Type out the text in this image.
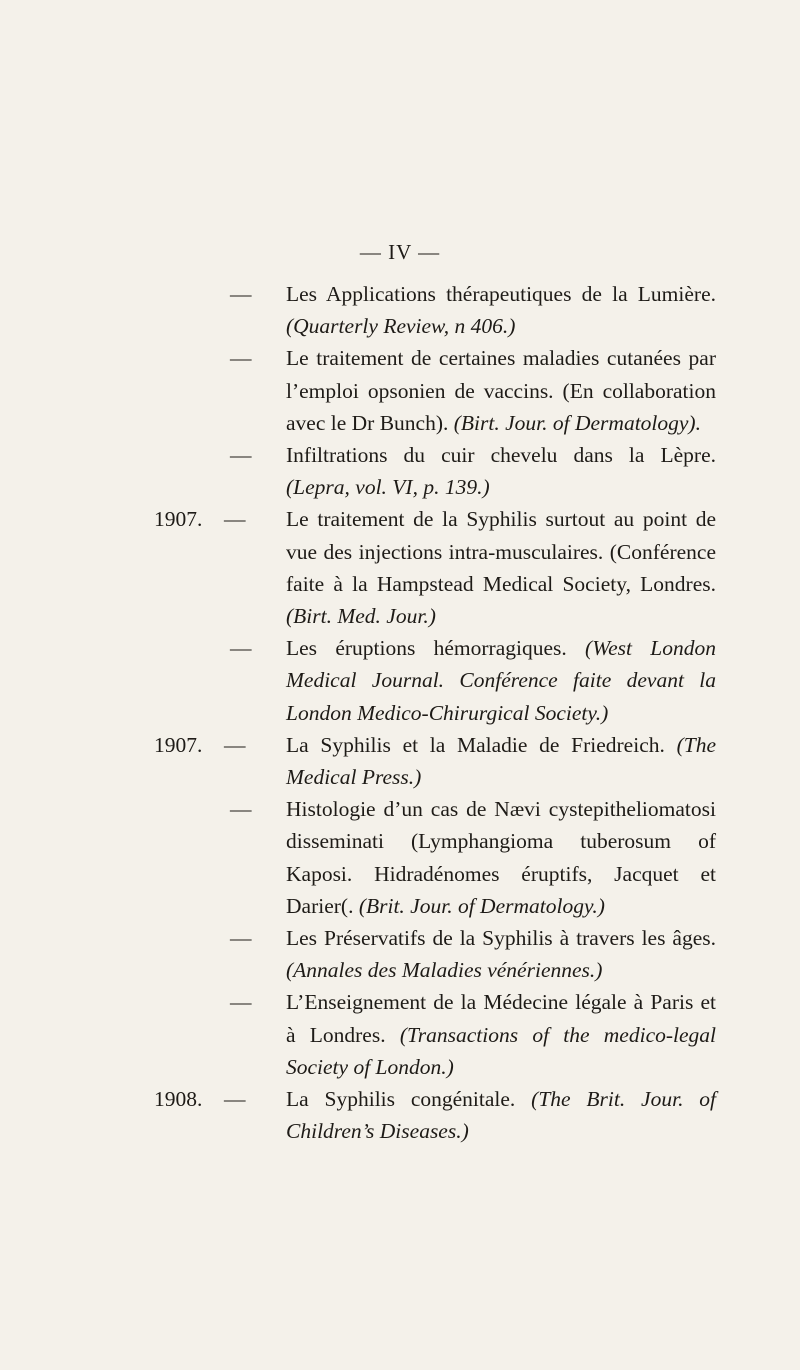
— IV —
—	Les Applications thérapeutiques de la Lumière. (Quarterly Review, n 406.)
—	Le traitement de certaines maladies cutanées par l’emploi opsonien de vaccins. (En collaboration avec le Dr Bunch). (Birt. Jour. of Dermatology).
—	Infiltrations du cuir chevelu dans la Lèpre. (Lepra, vol. VI, p. 139.)
1907. —	Le traitement de la Syphilis surtout au point de vue des injections intra-musculaires. (Conférence faite à la Hampstead Medical Society, Londres. (Birt. Med. Jour.)
—	Les éruptions hémorragiques. (West London Medical Journal. Conférence faite devant la London Medico-Chirurgical Society.)
1907. —	La Syphilis et la Maladie de Friedreich. (The Medical Press.)
—	Histologie d’un cas de Nævi cystepitheliomatosi disseminati (Lymphangioma tuberosum of Kaposi. Hidradénomes éruptifs, Jacquet et Darier(. (Brit. Jour. of Dermatology.)
—	Les Préservatifs de la Syphilis à travers les âges. (Annales des Maladies vénériennes.)
—	L’Enseignement de la Médecine légale à Paris et à Londres. (Transactions of the medico-legal Society of London.)
1908. —	La Syphilis congénitale. (The Brit. Jour. of Children’s Diseases.)
